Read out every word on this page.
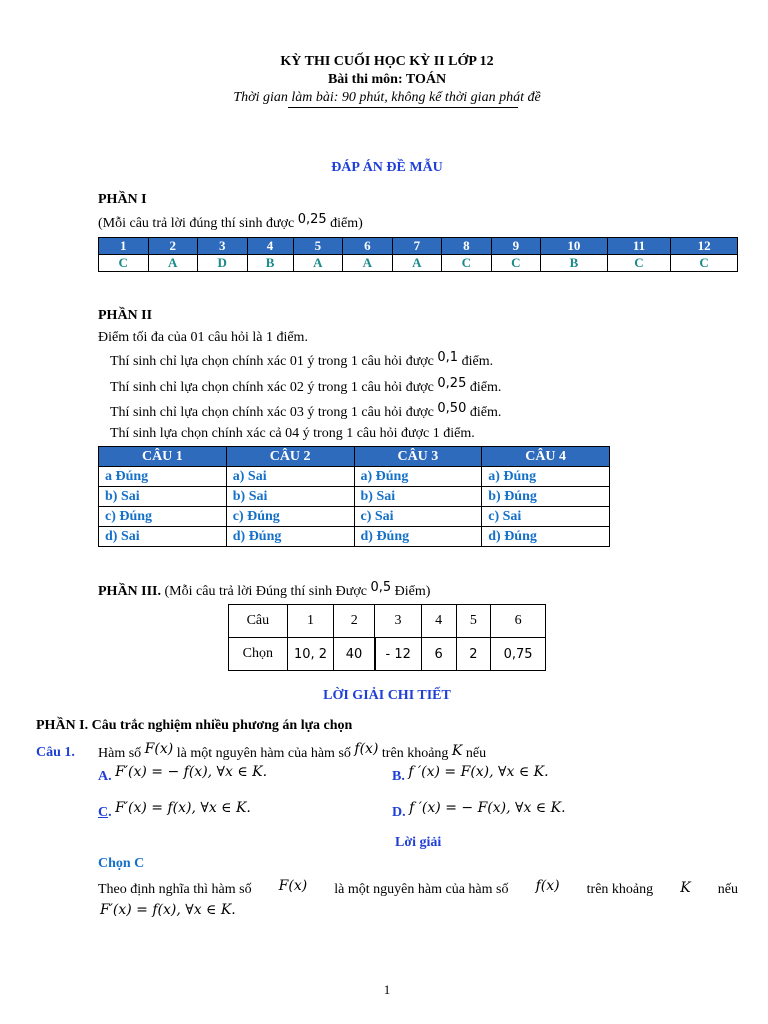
KỲ THI CUỐI HỌC KỲ II LỚP 12
Bài thi môn: TOÁN
Thời gian làm bài: 90 phút, không kể thời gian phát đề
ĐÁP ÁN ĐỀ MẪU
PHẦN I
(Mỗi câu trả lời đúng thí sinh được 0,25 điểm)
1	2	3	4	5	6	7	8	9	10	11	12
C	A	D	B	A	A	A	C	C	B	C	C
PHẦN II
Điểm tối đa của 01 câu hỏi là 1 điểm.
Thí sinh chỉ lựa chọn chính xác 01 ý trong 1 câu hỏi được 0,1 điểm.
Thí sinh chỉ lựa chọn chính xác 02 ý trong 1 câu hỏi được 0,25 điểm.
Thí sinh chỉ lựa chọn chính xác 03 ý trong 1 câu hỏi được 0,50 điểm.
Thí sinh lựa chọn chính xác cả 04 ý trong 1 câu hỏi được 1 điểm.
CÂU 1	CÂU 2	CÂU 3	CÂU 4
a Đúng	a) Sai	a) Đúng	a) Đúng
b) Sai	b) Sai	b) Sai	b) Đúng
c) Đúng	c) Đúng	c) Sai	c) Sai
d) Sai	d) Đúng	d) Đúng	d) Đúng
PHẦN III. (Mỗi câu trả lời Đúng thí sinh Được 0,5 Điểm)
Câu	1	2	3	4	5	6
Chọn	10, 2	40	- 12	6	2	0,75
LỜI GIẢI CHI TIẾT
PHẦN I. Câu trắc nghiệm nhiều phương án lựa chọn
Câu 1. Hàm số F(x) là một nguyên hàm của hàm số f(x) trên khoảng K nếu
A. F′(x) = − f(x), ∀x ∈ K.	B. f ′(x) = F(x), ∀x ∈ K.
C. F′(x) = f(x), ∀x ∈ K.	D. f ′(x) = − F(x), ∀x ∈ K.
Lời giải
Chọn C
Theo định nghĩa thì hàm số F(x) là một nguyên hàm của hàm số f(x) trên khoảng K nếu
F′(x) = f(x), ∀x ∈ K.
1
